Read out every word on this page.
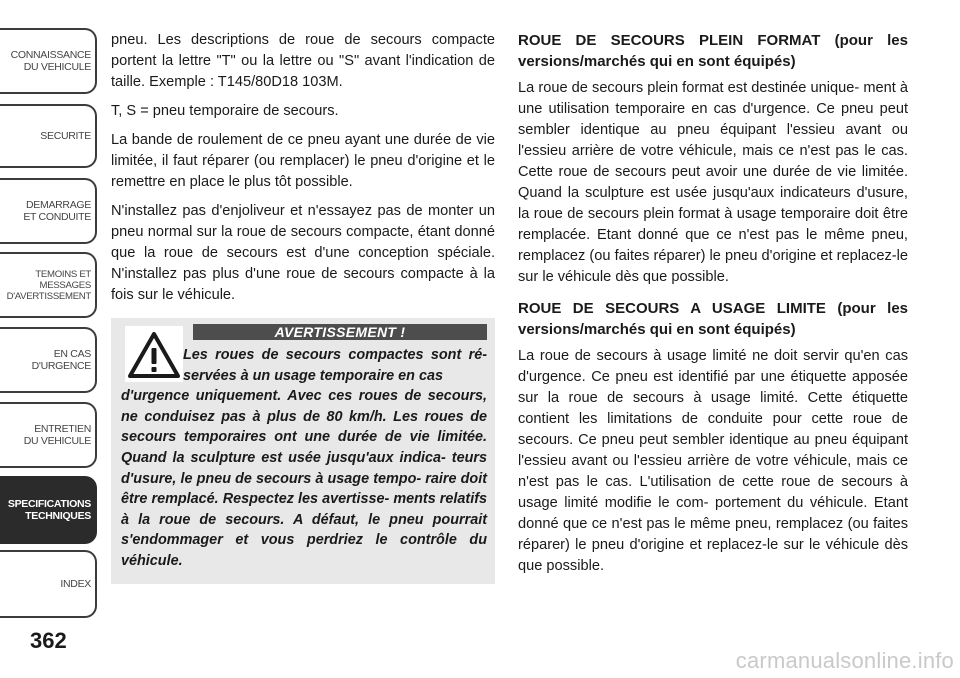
CONNAISSANCE
DU VEHICULE
SECURITE
DEMARRAGE
ET CONDUITE
TEMOINS ET
MESSAGES
D'AVERTISSEMENT
EN CAS
D'URGENCE
ENTRETIEN
DU VEHICULE
SPECIFICATIONS
TECHNIQUES
INDEX
362

pneu. Les descriptions de roue de secours compacte portent la lettre "T" ou la lettre ou "S" avant l'indication de taille. Exemple : T145/80D18 103M.

T, S = pneu temporaire de secours.

La bande de roulement de ce pneu ayant une durée de vie limitée, il faut réparer (ou remplacer) le pneu d'origine et le remettre en place le plus tôt possible.

N'installez pas d'enjoliveur et n'essayez pas de monter un pneu normal sur la roue de secours compacte, étant donné que la roue de secours est d'une conception spéciale. N'installez pas plus d'une roue de secours compacte à la fois sur le véhicule.

AVERTISSEMENT !

Les roues de secours compactes sont ré- servées à un usage temporaire en cas
d'urgence uniquement. Avec ces roues de secours, ne conduisez pas à plus de 80 km/h. Les roues de secours temporaires ont une durée de vie limitée. Quand la sculpture est usée jusqu'aux indica- teurs d'usure, le pneu de secours à usage tempo- raire doit être remplacé. Respectez les avertisse- ments relatifs à la roue de secours. A défaut, le pneu pourrait s'endommager et vous perdriez le contrôle du véhicule.

ROUE DE SECOURS PLEIN FORMAT (pour les versions/marchés qui en sont équipés)

La roue de secours plein format est destinée unique- ment à une utilisation temporaire en cas d'urgence. Ce pneu peut sembler identique au pneu équipant l'essieu avant ou l'essieu arrière de votre véhicule, mais ce n'est pas le cas. Cette roue de secours peut avoir une durée de vie limitée. Quand la sculpture est usée jusqu'aux indicateurs d'usure, la roue de secours plein format à usage temporaire doit être remplacée. Etant donné que ce n'est pas le même pneu, remplacez (ou faites réparer) le pneu d'origine et replacez-le sur le véhicule dès que possible.

ROUE DE SECOURS A USAGE LIMITE (pour les versions/marchés qui en sont équipés)

La roue de secours à usage limité ne doit servir qu'en cas d'urgence. Ce pneu est identifié par une étiquette apposée sur la roue de secours à usage limité. Cette étiquette contient les limitations de conduite pour cette roue de secours. Ce pneu peut sembler identique au pneu équipant l'essieu avant ou l'essieu arrière de votre véhicule, mais ce n'est pas le cas. L'utilisation de cette roue de secours à usage limité modifie le com- portement du véhicule. Etant donné que ce n'est pas le même pneu, remplacez (ou faites réparer) le pneu d'origine et replacez-le sur le véhicule dès que possible.

carmanualsonline.info
